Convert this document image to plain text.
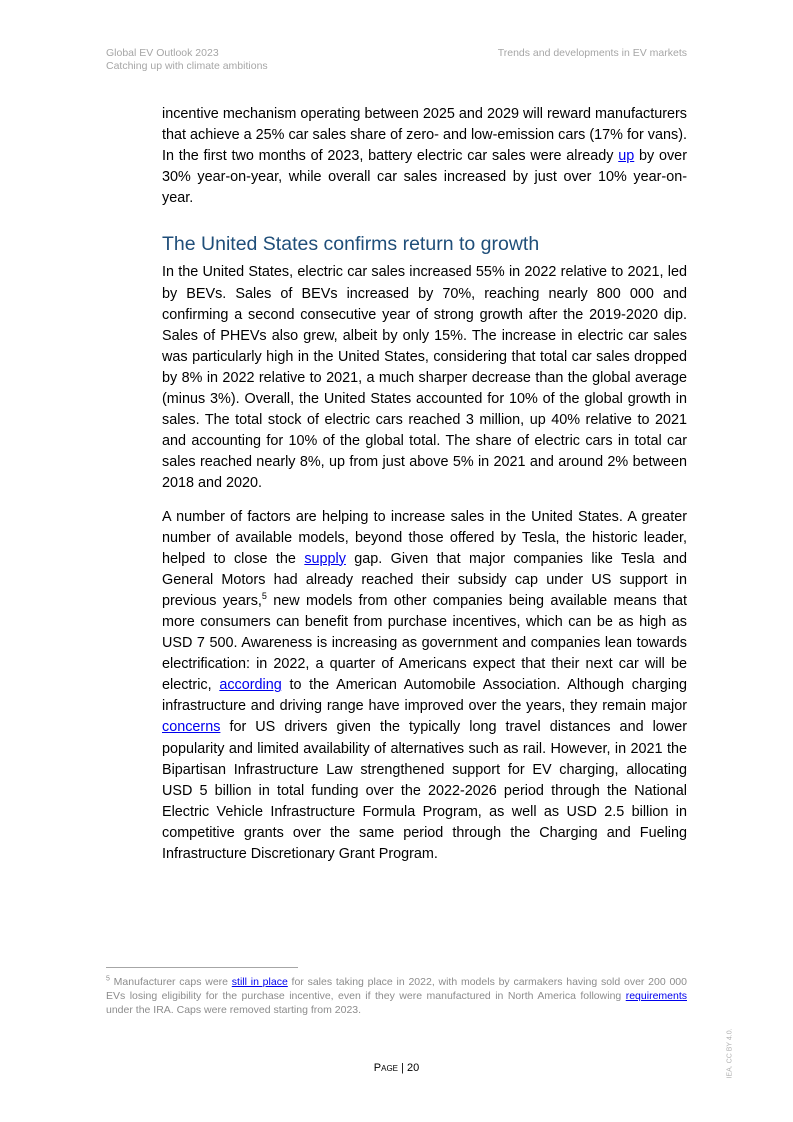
Global EV Outlook 2023
Catching up with climate ambitions
Trends and developments in EV markets

incentive mechanism operating between 2025 and 2029 will reward manufacturers that achieve a 25% car sales share of zero- and low-emission cars (17% for vans). In the first two months of 2023, battery electric car sales were already up by over 30% year-on-year, while overall car sales increased by just over 10% year-on-year.

The United States confirms return to growth

In the United States, electric car sales increased 55% in 2022 relative to 2021, led by BEVs. Sales of BEVs increased by 70%, reaching nearly 800 000 and confirming a second consecutive year of strong growth after the 2019-2020 dip. Sales of PHEVs also grew, albeit by only 15%. The increase in electric car sales was particularly high in the United States, considering that total car sales dropped by 8% in 2022 relative to 2021, a much sharper decrease than the global average (minus 3%). Overall, the United States accounted for 10% of the global growth in sales. The total stock of electric cars reached 3 million, up 40% relative to 2021 and accounting for 10% of the global total. The share of electric cars in total car sales reached nearly 8%, up from just above 5% in 2021 and around 2% between 2018 and 2020.

A number of factors are helping to increase sales in the United States. A greater number of available models, beyond those offered by Tesla, the historic leader, helped to close the supply gap. Given that major companies like Tesla and General Motors had already reached their subsidy cap under US support in previous years,$^5$ new models from other companies being available means that more consumers can benefit from purchase incentives, which can be as high as USD 7 500. Awareness is increasing as government and companies lean towards electrification: in 2022, a quarter of Americans expect that their next car will be electric, according to the American Automobile Association. Although charging infrastructure and driving range have improved over the years, they remain major concerns for US drivers given the typically long travel distances and lower popularity and limited availability of alternatives such as rail. However, in 2021 the Bipartisan Infrastructure Law strengthened support for EV charging, allocating USD 5 billion in total funding over the 2022-2026 period through the National Electric Vehicle Infrastructure Formula Program, as well as USD 2.5 billion in competitive grants over the same period through the Charging and Fueling Infrastructure Discretionary Grant Program.

$^5$ Manufacturer caps were still in place for sales taking place in 2022, with models by carmakers having sold over 200 000 EVs losing eligibility for the purchase incentive, even if they were manufactured in North America following requirements under the IRA. Caps were removed starting from 2023.

Page | 20	IEA. CC BY 4.0.
